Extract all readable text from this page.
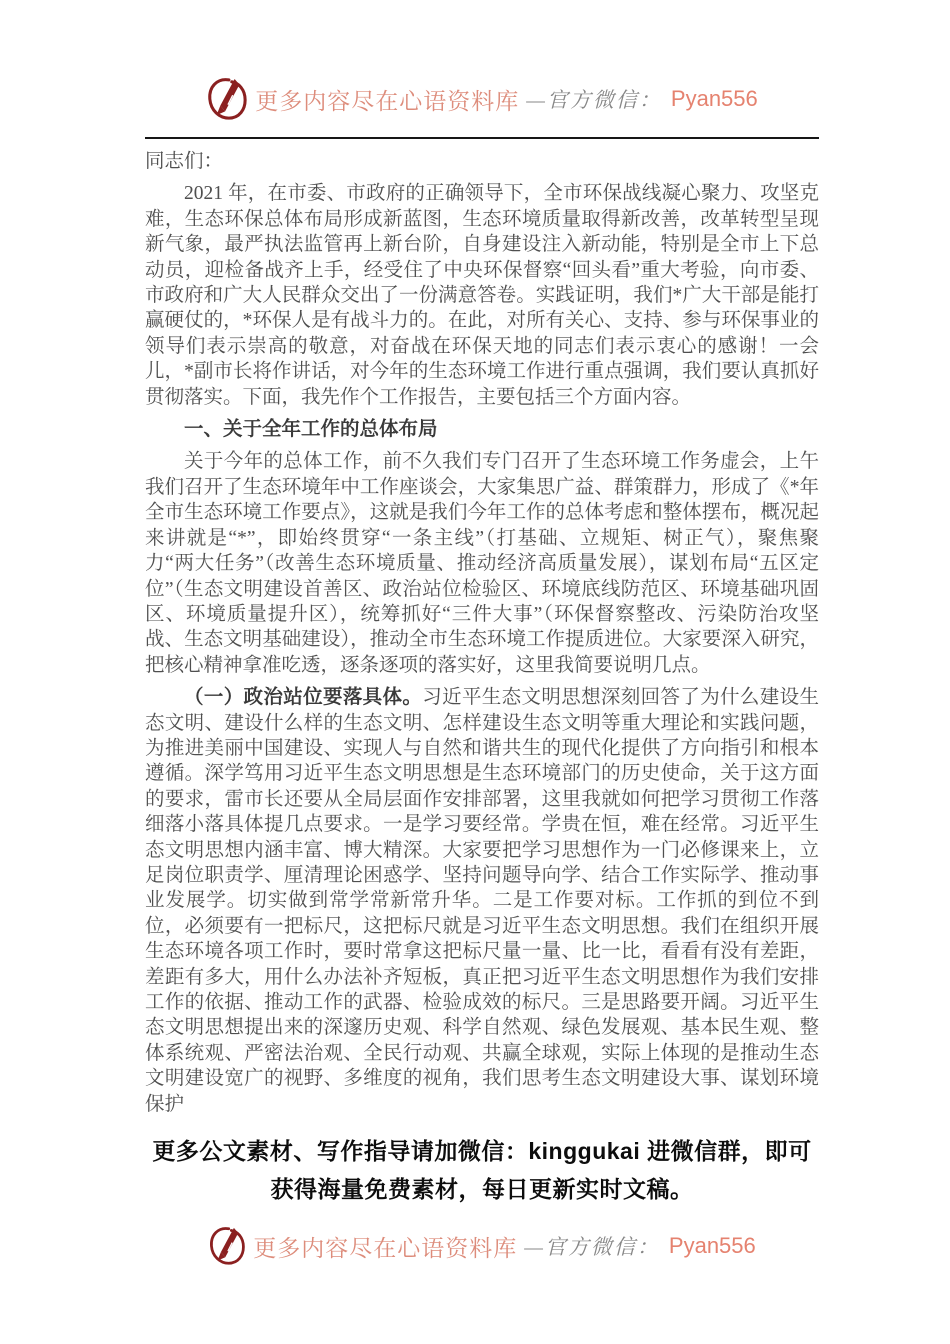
更多内容尽在心语资料库 —官方微信： Pyan556

同志们：

2021 年，在市委、市政府的正确领导下，全市环保战线凝心聚力、攻坚克难，生态环保总体布局形成新蓝图，生态环境质量取得新改善，改革转型呈现新气象，最严执法监管再上新台阶，自身建设注入新动能，特别是全市上下总动员，迎检备战齐上手，经受住了中央环保督察“回头看”重大考验，向市委、市政府和广大人民群众交出了一份满意答卷。实践证明，我们*广大干部是能打赢硬仗的，*环保人是有战斗力的。在此，对所有关心、支持、参与环保事业的领导们表示崇高的敬意，对奋战在环保天地的同志们表示衷心的感谢！一会儿，*副市长将作讲话，对今年的生态环境工作进行重点强调，我们要认真抓好贯彻落实。下面，我先作个工作报告，主要包括三个方面内容。

一、关于全年工作的总体布局

关于今年的总体工作，前不久我们专门召开了生态环境工作务虚会，上午我们召开了生态环境年中工作座谈会，大家集思广益、群策群力，形成了《*年全市生态环境工作要点》，这就是我们今年工作的总体考虑和整体摆布，概况起来讲就是“*”，即始终贯穿“一条主线”（打基础、立规矩、树正气），聚焦聚力“两大任务”（改善生态环境质量、推动经济高质量发展），谋划布局“五区定位”（生态文明建设首善区、政治站位检验区、环境底线防范区、环境基础巩固区、环境质量提升区），统筹抓好“三件大事”（环保督察整改、污染防治攻坚战、生态文明基础建设），推动全市生态环境工作提质进位。大家要深入研究，把核心精神拿准吃透，逐条逐项的落实好，这里我简要说明几点。

（一）政治站位要落具体。习近平生态文明思想深刻回答了为什么建设生态文明、建设什么样的生态文明、怎样建设生态文明等重大理论和实践问题，为推进美丽中国建设、实现人与自然和谐共生的现代化提供了方向指引和根本遵循。深学笃用习近平生态文明思想是生态环境部门的历史使命，关于这方面的要求，雷市长还要从全局层面作安排部署，这里我就如何把学习贯彻工作落细落小落具体提几点要求。一是学习要经常。学贵在恒，难在经常。习近平生态文明思想内涵丰富、博大精深。大家要把学习思想作为一门必修课来上，立足岗位职责学、厘清理论困惑学、坚持问题导向学、结合工作实际学、推动事业发展学。切实做到常学常新常升华。二是工作要对标。工作抓的到位不到位，必须要有一把标尺，这把标尺就是习近平生态文明思想。我们在组织开展生态环境各项工作时，要时常拿这把标尺量一量、比一比，看看有没有差距，差距有多大，用什么办法补齐短板，真正把习近平生态文明思想作为我们安排工作的依据、推动工作的武器、检验成效的标尺。三是思路要开阔。习近平生态文明思想提出来的深邃历史观、科学自然观、绿色发展观、基本民生观、整体系统观、严密法治观、全民行动观、共赢全球观，实际上体现的是推动生态文明建设宽广的视野、多维度的视角，我们思考生态文明建设大事、谋划环境保护

更多公文素材、写作指导请加微信：kinggukai 进微信群，即可
获得海量免费素材，每日更新实时文稿。
更多内容尽在心语资料库 —官方微信： Pyan556
